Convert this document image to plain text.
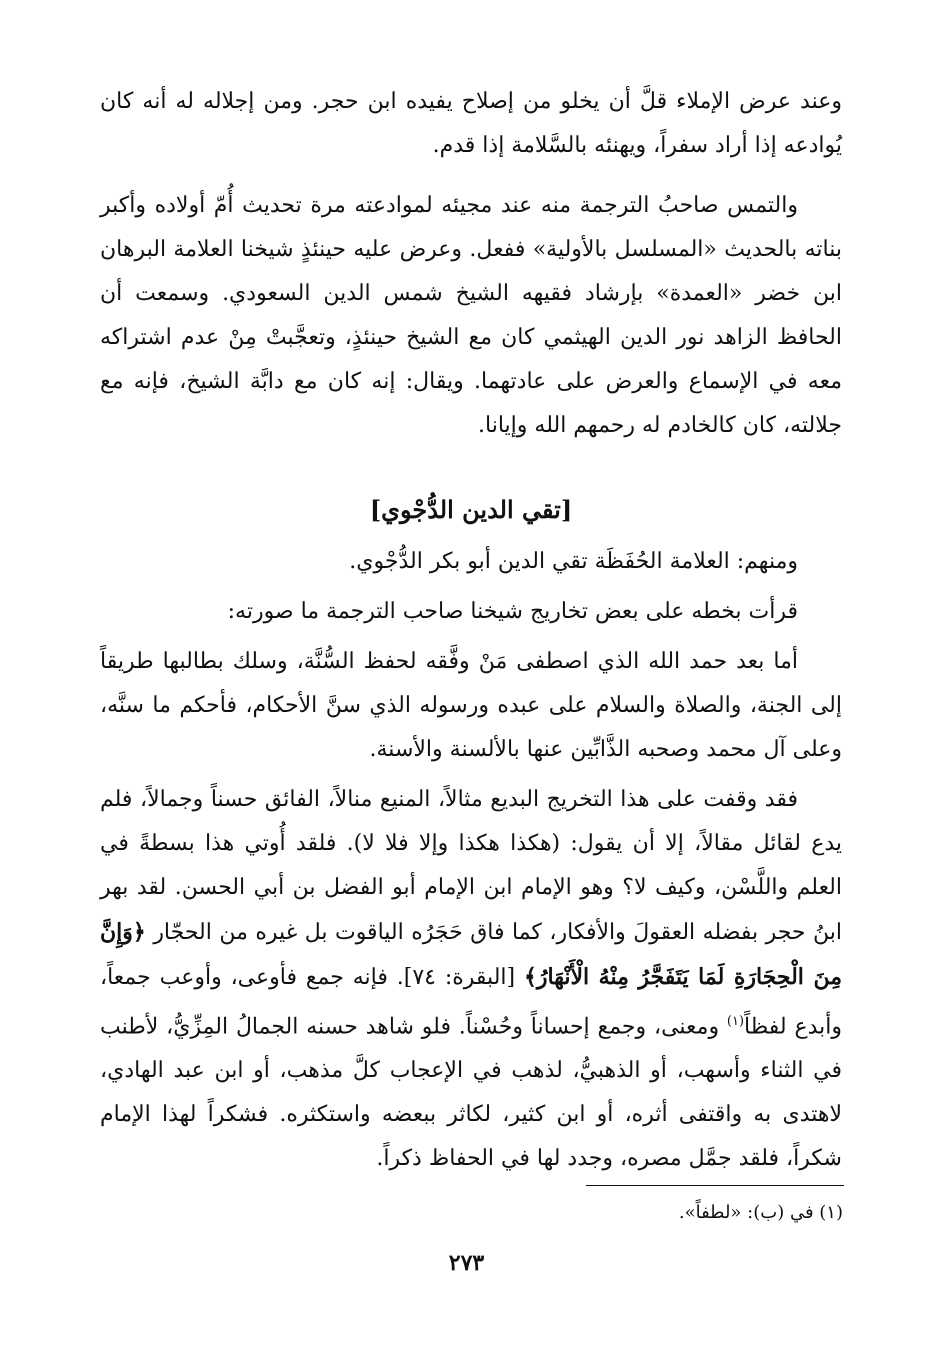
وعند عرض الإملاء قلَّ أن يخلو من إصلاح يفيده ابن حجر. ومن إجلاله له أنه كان يُوادعه إذا أراد سفراً، ويهنئه بالسَّلامة إذا قدم.

والتمس صاحبُ الترجمة منه عند مجيئه لموادعته مرة تحديث أُمّ أولاده وأكبر بناته بالحديث «المسلسل بالأولية» ففعل. وعرض عليه حينئذٍ شيخنا العلامة البرهان ابن خضر «العمدة» بإرشاد فقيهه الشيخ شمس الدين السعودي. وسمعت أن الحافظ الزاهد نور الدين الهيثمي كان مع الشيخ حينئذٍ، وتعجَّبتْ مِنْ عدم اشتراكه معه في الإسماع والعرض على عادتهما. ويقال: إنه كان مع دابَّة الشيخ، فإنه مع جلالته، كان كالخادم له رحمهم الله وإيانا.

[تقي الدين الدُّجْوي]

ومنهم: العلامة الحُفَظَة تقي الدين أبو بكر الدُّجْوي.

قرأت بخطه على بعض تخاريج شيخنا صاحب الترجمة ما صورته:

أما بعد حمد الله الذي اصطفى مَنْ وفَّقه لحفظ السُّنَّة، وسلك بطالبها طريقاً إلى الجنة، والصلاة والسلام على عبده ورسوله الذي سنَّ الأحكام، فأحكم ما سنَّه، وعلى آل محمد وصحبه الذَّابِّين عنها بالألسنة والأسنة.

فقد وقفت على هذا التخريج البديع مثالاً، المنيع منالاً، الفائق حسناً وجمالاً، فلم يدع لقائل مقالاً، إلا أن يقول: (هكذا هكذا وإلا فلا لا). فلقد أُوتي هذا بسطةً في العلم واللَّسْن، وكيف لا؟ وهو الإمام ابن الإمام أبو الفضل بن أبي الحسن. لقد بهر ابنُ حجر بفضله العقولَ والأفكار، كما فاق حَجَرُه الياقوت بل غيره من الحجّار ﴿وَإِنَّ مِنَ الْحِجَارَةِ لَمَا يَتَفَجَّرُ مِنْهُ الْأَنْهَارُ﴾ [البقرة: ٧٤]. فإنه جمع فأوعى، وأوعب جمعاً، وأبدع لفظاً$^{(١)}$ ومعنى، وجمع إحساناً وحُسْناً. فلو شاهد حسنه الجمالُ المِزِّيُّ، لأطنب في الثناء وأسهب، أو الذهبيُّ، لذهب في الإعجاب كلَّ مذهب، أو ابن عبد الهادي، لاهتدى به واقتفى أثره، أو ابن كثير، لكاثر ببعضه واستكثره. فشكراً لهذا الإمام شكراً، فلقد جمَّل مصره، وجدد لها في الحفاظ ذكراً.

(١) في (ب): «لطفاً».
٢٧٣
